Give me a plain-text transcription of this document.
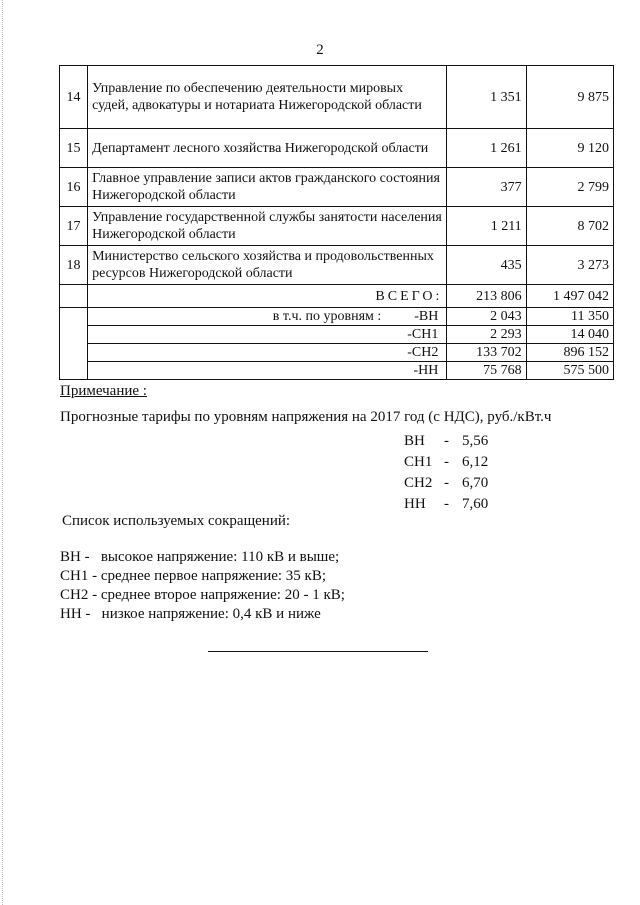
2
14	Управление по обеспечению деятельности мировых судей, адвокатуры и нотариата Нижегородской области	1 351	9 875
15	Департамент лесного хозяйства Нижегородской области	1 261	9 120
16	Главное управление записи актов гражданского состояния Нижегородской области	377	2 799
17	Управление государственной службы занятости населения Нижегородской области	1 211	8 702
18	Министерство сельского хозяйства и продовольственных ресурсов Нижегородской области	435	3 273
	ВСЕГО:	213 806	1 497 042
	в т.ч. по уровням : -ВН	2 043	11 350
	-СН1	2 293	14 040
	-СН2	133 702	896 152
	-НН	75 768	575 500
Примечание :
Прогнозные тарифы по уровням напряжения на 2017 год (с НДС), руб./кВт.ч
ВН	- 5,56
СН1 - 6,12
СН2 - 6,70
НН	- 7,60
Список используемых сокращений:
ВН -   высокое напряжение: 110 кВ и выше;
СН1 - среднее первое напряжение: 35 кВ;
СН2 - среднее второе напряжение: 20 - 1 кВ;
НН -   низкое напряжение: 0,4 кВ и ниже
